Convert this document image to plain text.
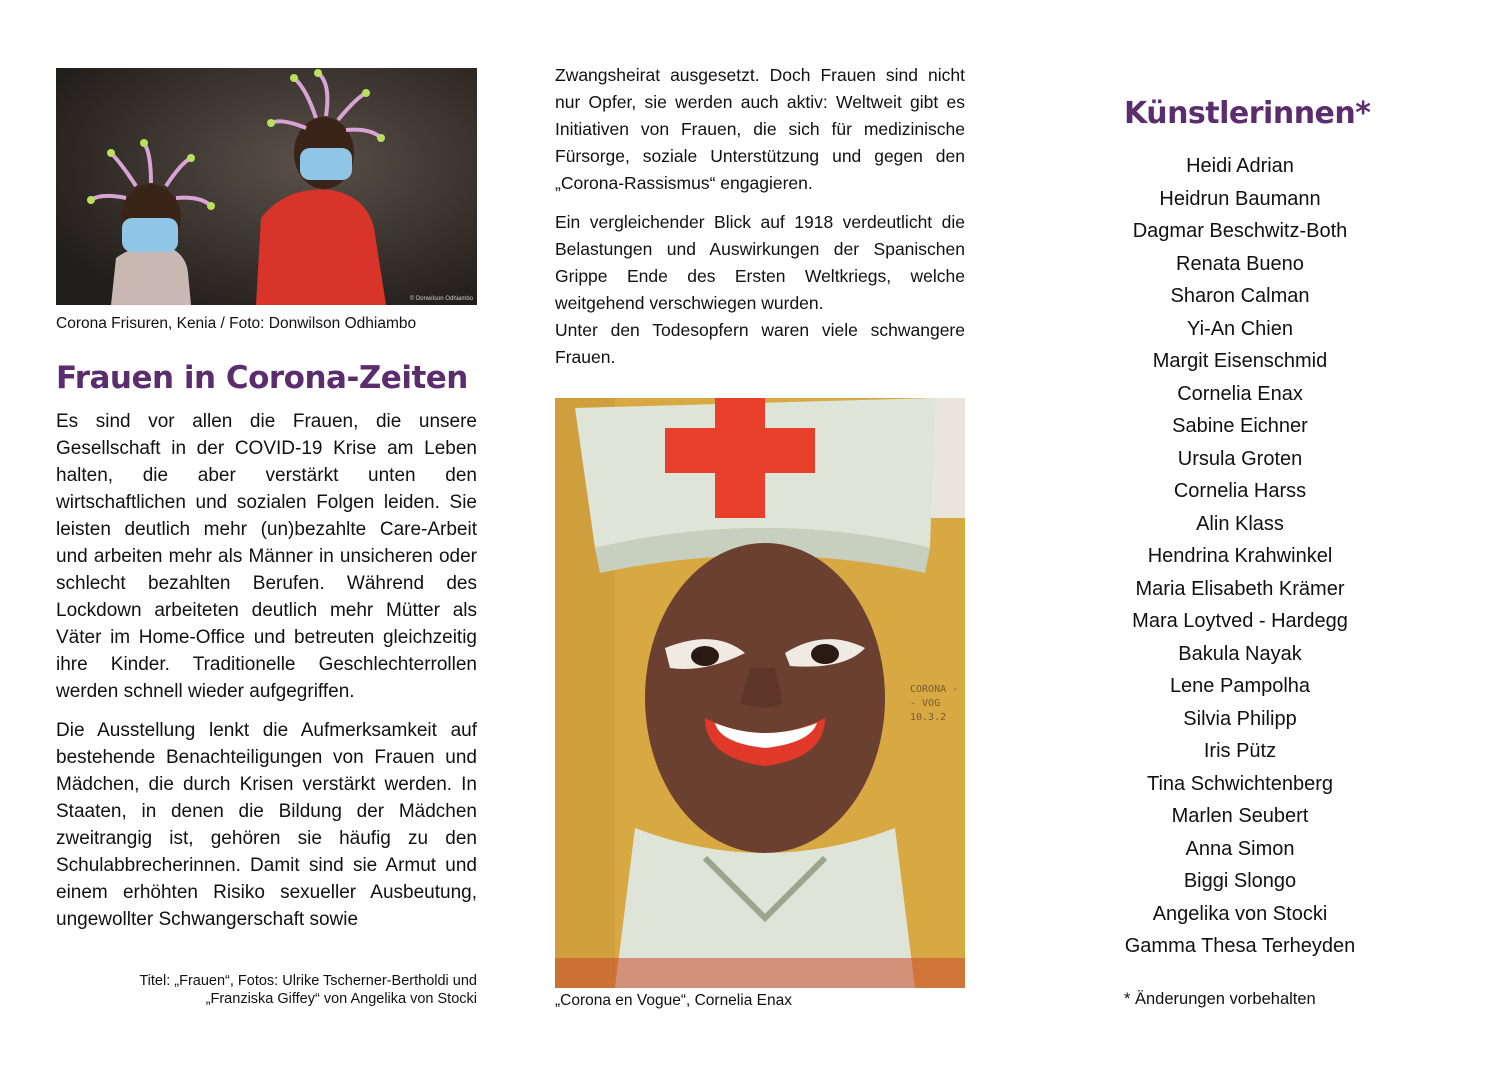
© Donwilson Odhiambo
Corona Frisuren, Kenia / Foto: Donwilson Odhiambo
Frauen in Corona-Zeiten

Es sind vor allen die Frauen, die unsere Gesellschaft in der COVID-19 Krise am Leben halten, die aber verstärkt unten den wirtschaftlichen und sozialen Folgen leiden. Sie leisten deutlich mehr (un)bezahlte Care-Arbeit und arbeiten mehr als Männer in unsicheren oder schlecht bezahlten Berufen. Während des Lockdown arbeiteten deutlich mehr Mütter als Väter im Home-Office und betreuten gleichzeitig ihre Kinder. Traditionelle Geschlechterrollen werden schnell wieder aufgegriffen.

Die Ausstellung lenkt die Aufmerksamkeit auf bestehende Benachteiligungen von Frauen und Mädchen, die durch Krisen verstärkt werden. In Staaten, in denen die Bildung der Mädchen zweitrangig ist, gehören sie häufig zu den Schulabbrecherinnen. Damit sind sie Armut und einem erhöhten Risiko sexueller Ausbeutung, ungewollter Schwangerschaft sowie

Titel: „Frauen“, Fotos: Ulrike Tscherner-Bertholdi und
„Franziska Giffey“ von Angelika von Stocki

Zwangsheirat ausgesetzt. Doch Frauen sind nicht nur Opfer, sie werden auch aktiv: Weltweit gibt es Initiativen von Frauen, die sich für medizinische Fürsorge, soziale Unterstützung und gegen den „Corona-Rassismus“ engagieren.

Ein vergleichender Blick auf 1918 verdeutlicht die Belastungen und Auswirkungen der Spanischen Grippe Ende des Ersten Weltkriegs, welche weitgehend verschwiegen wurden.

Unter den Todesopfern waren viele schwangere Frauen.

CORONA -
- VOG
10.3.2
„Corona en Vogue“, Cornelia Enax
Künstlerinnen*
Heidi Adrian
Heidrun Baumann
Dagmar Beschwitz-Both
Renata Bueno
Sharon Calman
Yi-An Chien
Margit Eisenschmid
Cornelia Enax
Sabine Eichner
Ursula Groten
Cornelia Harss
Alin Klass
Hendrina Krahwinkel
Maria Elisabeth Krämer
Mara Loytved - Hardegg
Bakula Nayak
Lene Pampolha
Silvia Philipp
Iris Pütz
Tina Schwichtenberg
Marlen Seubert
Anna Simon
Biggi Slongo
Angelika von Stocki
Gamma Thesa Terheyden
* Änderungen vorbehalten
